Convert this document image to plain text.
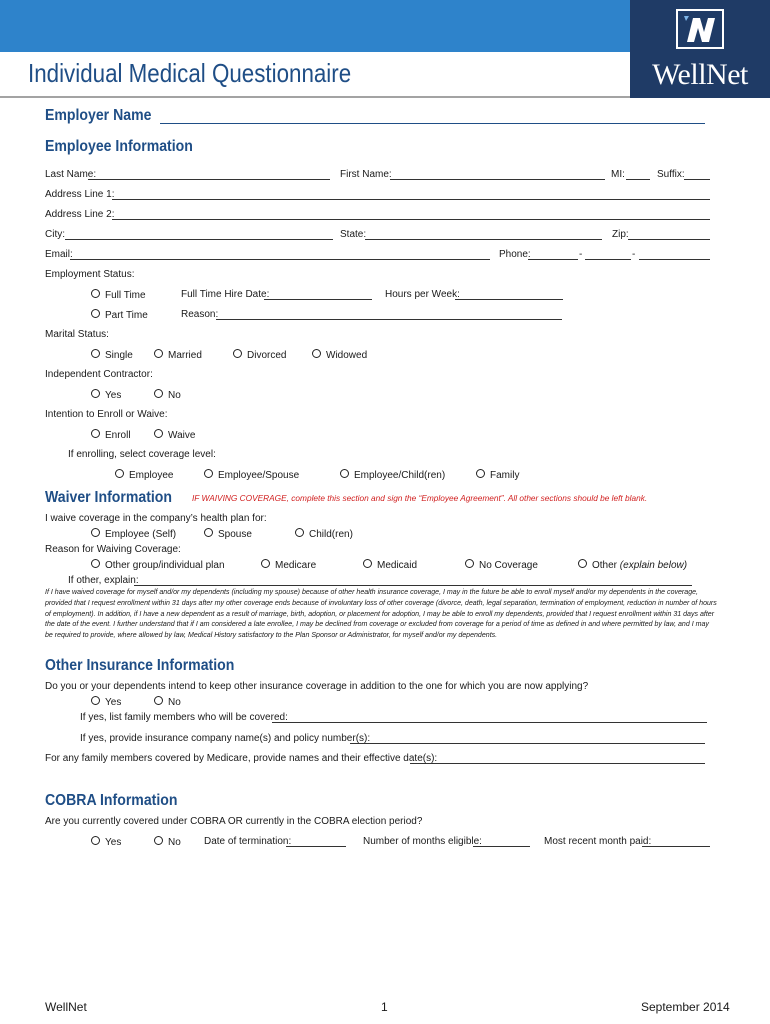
WellNet
Individual Medical Questionnaire
Employer Name
Employee Information
Last Name:	First Name:	MI:	Suffix:
Address Line 1:
Address Line 2:
City:	State:	Zip:
Email:	Phone:	-	-
Employment Status:
Full Time	Full Time Hire Date:	Hours per Week:
Part Time	Reason:
Marital Status:
Single	Married	Divorced	Widowed
Independent Contractor:
Yes	No
Intention to Enroll or Waive:
Enroll	Waive
If enrolling, select coverage level:
Employee	Employee/Spouse	Employee/Child(ren)	Family
Waiver Information IF WAIVING COVERAGE, complete this section and sign the “Employee Agreement”. All other sections should be left blank.
I waive coverage in the company’s health plan for:
Employee (Self)	Spouse	Child(ren)
Reason for Waiving Coverage:
Other group/individual plan	Medicare	Medicaid	No Coverage	Other (explain below)
If other, explain:
If I have waived coverage for myself and/or my dependents (including my spouse) because of other health insurance coverage, I may in the future be able to enroll myself and/or my dependents in the coverage, provided that I request enrollment within 31 days after my other coverage ends because of involuntary loss of other coverage (divorce, death, legal separation, termination of employment, reduction in number of hours of employment). In addition, if I have a new dependent as a result of marriage, birth, adoption, or placement for adoption, I may be able to enroll my dependents, provided that I request enrollment within 31 days after the date of the event. I further understand that if I am considered a late enrollee, I may be declined from coverage or excluded from coverage for a period of time as defined in and where permitted by law, and I may be required to provide, where allowed by law, Medical History satisfactory to the Plan Sponsor or Administrator, for myself and/or my dependents.
Other Insurance Information
Do you or your dependents intend to keep other insurance coverage in addition to the one for which you are now applying?
Yes	No
If yes, list family members who will be covered:
If yes, provide insurance company name(s) and policy number(s):
For any family members covered by Medicare, provide names and their effective date(s):
COBRA Information
Are you currently covered under COBRA OR currently in the COBRA election period?
Yes	No Date of termination:	Number of months eligible:	Most recent month paid:
WellNet	1	September 2014
